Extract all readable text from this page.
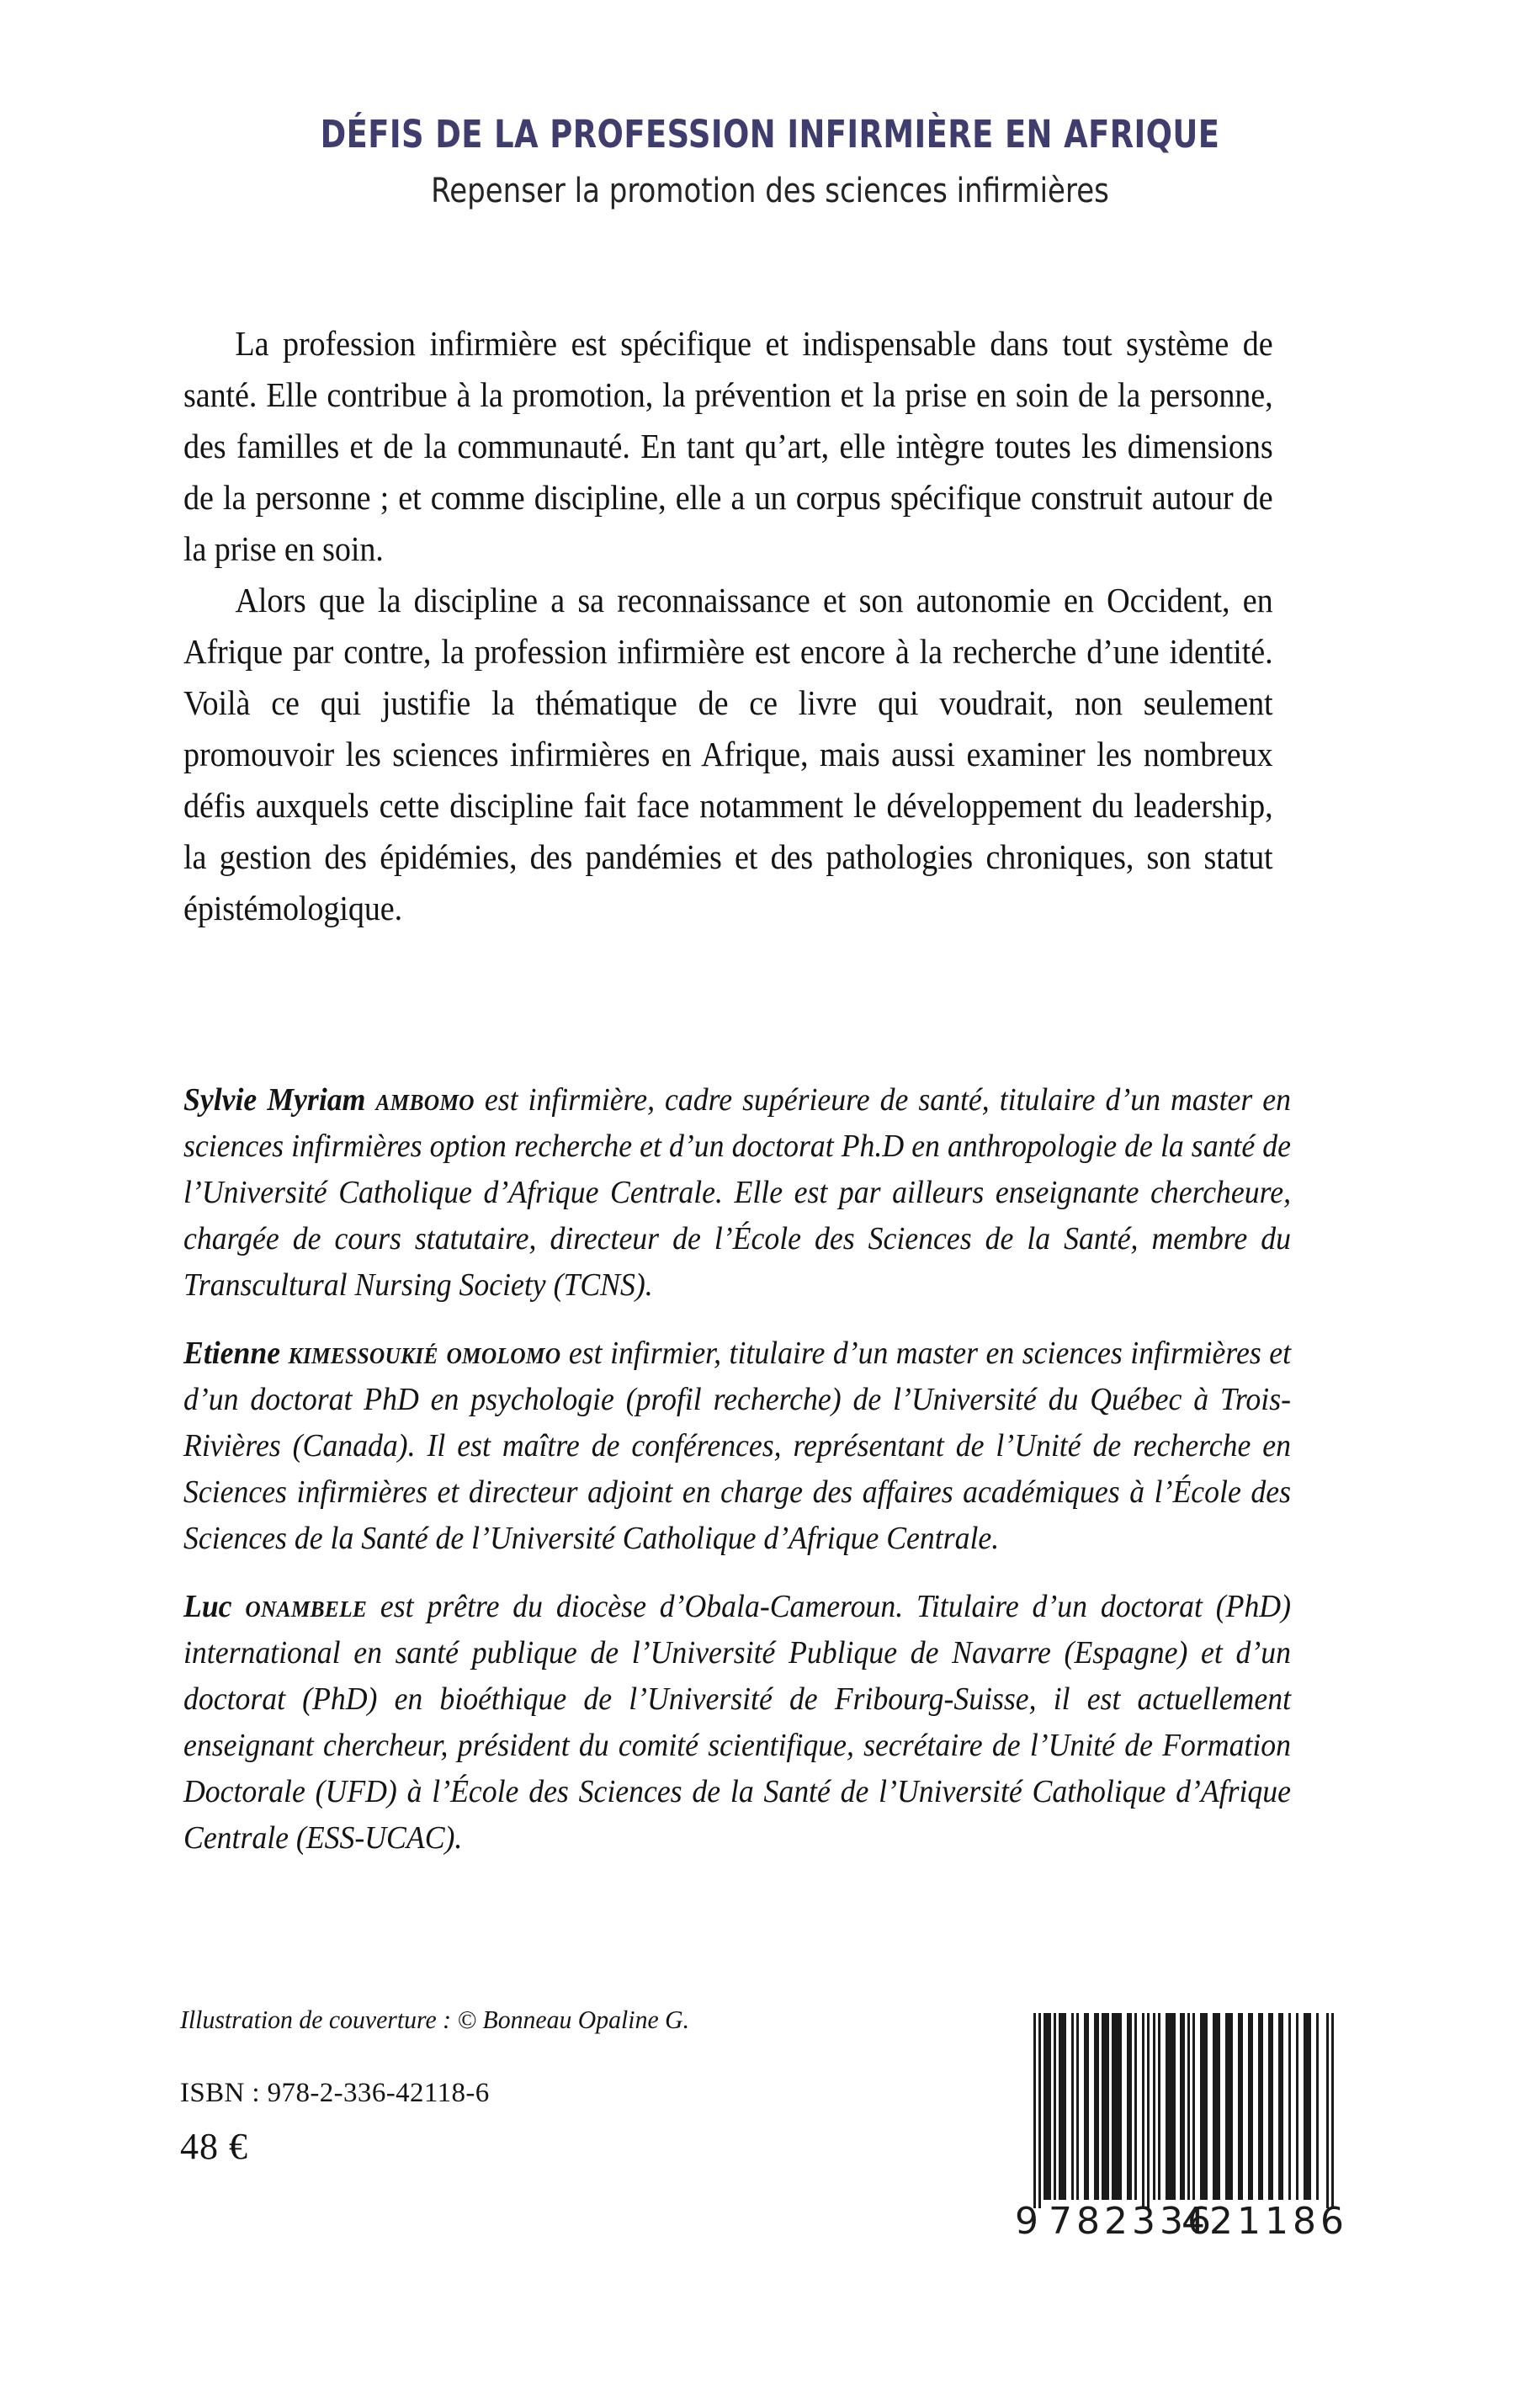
DÉFIS DE LA PROFESSION INFIRMIÈRE EN AFRIQUE
Repenser la promotion des sciences infirmières

La profession infirmière est spécifique et indispensable dans tout système de santé. Elle contribue à la promotion, la prévention et la prise en soin de la personne, des familles et de la communauté. En tant qu’art, elle intègre toutes les dimensions de la personne ; et comme discipline, elle a un corpus spécifique construit autour de la prise en soin.

Alors que la discipline a sa reconnaissance et son autonomie en Occident, en Afrique par contre, la profession infirmière est encore à la recherche d’une identité. Voilà ce qui justifie la thématique de ce livre qui voudrait, non seulement promouvoir les sciences infirmières en Afrique, mais aussi examiner les nombreux défis auxquels cette discipline fait face notamment le développement du leadership, la gestion des épidémies, des pandémies et des pathologies chroniques, son statut épistémologique.

Sylvie Myriam ambomo est infirmière, cadre supérieure de santé, titulaire d’un master en sciences infirmières option recherche et d’un doctorat Ph.D en anthropologie de la santé de l’Université Catholique d’Afrique Centrale. Elle est par ailleurs enseignante chercheure, chargée de cours statutaire, directeur de l’École des Sciences de la Santé, membre du Transcultural Nursing Society (TCNS).

Etienne kimessoukié omolomo est infirmier, titulaire d’un master en sciences infirmières et d’un doctorat PhD en psychologie (profil recherche) de l’Université du Québec à Trois-Rivières (Canada). Il est maître de conférences, représentant de l’Unité de recherche en Sciences infirmières et directeur adjoint en charge des affaires académiques à l’École des Sciences de la Santé de l’Université Catholique d’Afrique Centrale.

Luc onambele est prêtre du diocèse d’Obala-Cameroun. Titulaire d’un doctorat (PhD) international en santé publique de l’Université Publique de Navarre (Espagne) et d’un doctorat (PhD) en bioéthique de l’Université de Fribourg-Suisse, il est actuellement enseignant chercheur, président du comité scientifique, secrétaire de l’Unité de Formation Doctorale (UFD) à l’École des Sciences de la Santé de l’Université Catholique d’Afrique Centrale (ESS-UCAC).

Illustration de couverture : © Bonneau Opaline G.

ISBN : 978-2-336-42118-6

48 €

9 782336
421186
